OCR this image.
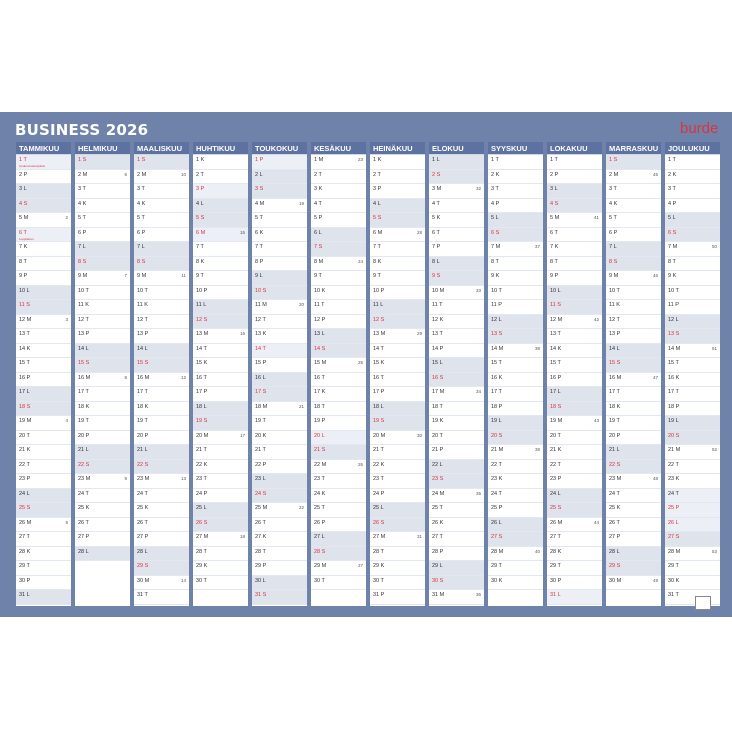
BUSINESS 2026	burde
TAMMIKUU
1 T
Uudenvuodenpäivä
2 P
3 L
4 S
5 M	2
6 T
Loppiainen
7 K
8 T
9 P
10 L
11 S
12 M	3
13 T
14 K
15 T
16 P
17 L
18 S
19 M	4
20 T
21 K
22 T
23 P
24 L
25 S
26 M	5
27 T
28 K
29 T
30 P
31 L
HELMIKUU
1 S
2 M	6
3 T
4 K
5 T
6 P
7 L
8 S
9 M	7
10 T
11 K
12 T
13 P
14 L
15 S
16 M	8
17 T
18 K
19 T
20 P
21 L
22 S
23 M	9
24 T
25 K
26 T
27 P
28 L
MAALISKUU
1 S
2 M	10
3 T
4 K
5 T
6 P
7 L
8 S
9 M	11
10 T
11 K
12 T
13 P
14 L
15 S
16 M	12
17 T
18 K
19 T
20 P
21 L
22 S
23 M	13
24 T
25 K
26 T
27 P
28 L
29 S
30 M	14
31 T
HUHTIKUU
1 K
2 T
3 P
4 L
5 S
6 M	15
7 T
8 K
9 T
10 P
11 L
12 S
13 M	16
14 T
15 K
16 T
17 P
18 L
19 S
20 M	17
21 T
22 K
23 T
24 P
25 L
26 S
27 M	18
28 T
29 K
30 T
TOUKOKUU
1 P
2 L
3 S
4 M	19
5 T
6 K
7 T
8 P
9 L
10 S
11 M	20
12 T
13 K
14 T
15 P
16 L
17 S
18 M	21
19 T
20 K
21 T
22 P
23 L
24 S
25 M	22
26 T
27 K
28 T
29 P
30 L
31 S
KESÄKUU
1 M	23
2 T
3 K
4 T
5 P
6 L
7 S
8 M	24
9 T
10 K
11 T
12 P
13 L
14 S
15 M	25
16 T
17 K
18 T
19 P
20 L
21 S
22 M	26
23 T
24 K
25 T
26 P
27 L
28 S
29 M	27
30 T
HEINÄKUU
1 K
2 T
3 P
4 L
5 S
6 M	28
7 T
8 K
9 T
10 P
11 L
12 S
13 M	29
14 T
15 K
16 T
17 P
18 L
19 S
20 M	30
21 T
22 K
23 T
24 P
25 L
26 S
27 M	31
28 T
29 K
30 T
31 P
ELOKUU
1 L
2 S
3 M	32
4 T
5 K
6 T
7 P
8 L
9 S
10 M	33
11 T
12 K
13 T
14 P
15 L
16 S
17 M	34
18 T
19 K
20 T
21 P
22 L
23 S
24 M	35
25 T
26 K
27 T
28 P
29 L
30 S
31 M	36
SYYSKUU
1 T
2 K
3 T
4 P
5 L
6 S
7 M	37
8 T
9 K
10 T
11 P
12 L
13 S
14 M	38
15 T
16 K
17 T
18 P
19 L
20 S
21 M	39
22 T
23 K
24 T
25 P
26 L
27 S
28 M	40
29 T
30 K
LOKAKUU
1 T
2 P
3 L
4 S
5 M	41
6 T
7 K
8 T
9 P
10 L
11 S
12 M	42
13 T
14 K
15 T
16 P
17 L
18 S
19 M	43
20 T
21 K
22 T
23 P
24 L
25 S
26 M	44
27 T
28 K
29 T
30 P
31 L
MARRASKUU
1 S
2 M	45
3 T
4 K
5 T
6 P
7 L
8 S
9 M	46
10 T
11 K
12 T
13 P
14 L
15 S
16 M	47
17 T
18 K
19 T
20 P
21 L
22 S
23 M	48
24 T
25 K
26 T
27 P
28 L
29 S
30 M	49
JOULUKUU
1 T
2 K
3 T
4 P
5 L
6 S
7 M	50
8 T
9 K
10 T
11 P
12 L
13 S
14 M	51
15 T
16 K
17 T
18 P
19 L
20 S
21 M	52
22 T
23 K
24 T
25 P
26 L
27 S
28 M	53
29 T
30 K
31 T
